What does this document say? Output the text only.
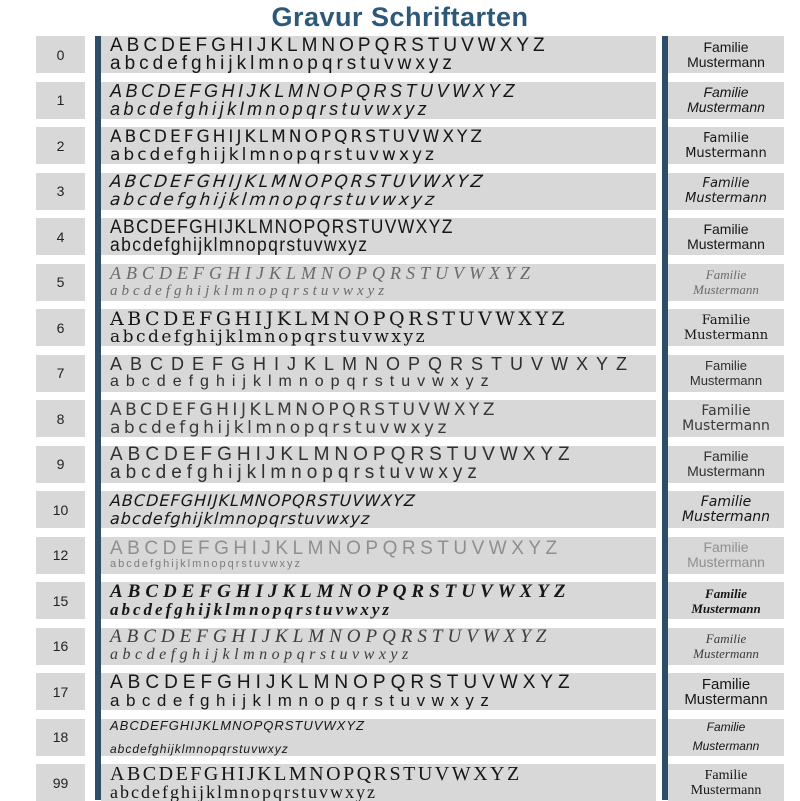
Gravur Schriftarten
0	ABCDEFGHIJKLMNOPQRSTUVWXYZ
abcdefghijklmnopqrstuvwxyz
Familie
Mustermann
1	ABCDEFGHIJKLMNOPQRSTUVWXYZ
abcdefghijklmnopqrstuvwxyz
Familie
Mustermann
2	ABCDEFGHIJKLMNOPQRSTUVWXYZ
abcdefghijklmnopqrstuvwxyz
Familie
Mustermann
3	ABCDEFGHIJKLMNOPQRSTUVWXYZ
abcdefghijklmnopqrstuvwxyz
Familie
Mustermann
4	ABCDEFGHIJKLMNOPQRSTUVWXYZ
abcdefghijklmnopqrstuvwxyz
Familie
Mustermann
5	ABCDEFGHIJKLMNOPQRSTUVWXYZ
abcdefghijklmnopqrstuvwxyz
Familie
Mustermann
6	ABCDEFGHIJKLMNOPQRSTUVWXYZ
abcdefghijklmnopqrstuvwxyz
Familie
Mustermann
7	ABCDEFGHIJKLMNOPQRSTUVWXYZ
abcdefghijklmnopqrstuvwxyz
Familie
Mustermann
8	ABCDEFGHIJKLMNOPQRSTUVWXYZ
abcdefghijklmnopqrstuvwxyz
Familie
Mustermann
9	ABCDEFGHIJKLMNOPQRSTUVWXYZ
abcdefghijklmnopqrstuvwxyz
Familie
Mustermann
10	ABCDEFGHIJKLMNOPQRSTUVWXYZ
abcdefghijklmnopqrstuvwxyz
Familie
Mustermann
12	ABCDEFGHIJKLMNOPQRSTUVWXYZ
abcdefghijklmnopqrstuvwxyz
Familie
Mustermann
15	ABCDEFGHIJKLMNOPQRSTUVWXYZ
abcdefghijklmnopqrstuvwxyz
Familie
Mustermann
16	ABCDEFGHIJKLMNOPQRSTUVWXYZ
abcdefghijklmnopqrstuvwxyz
Familie
Mustermann
17	ABCDEFGHIJKLMNOPQRSTUVWXYZ
abcdefghijklmnopqrstuvwxyz
Familie
Mustermann
18
ABCDEFGHIJKLMNOPQRSTUVWXYZ
abcdefghijklmnopqrstuvwxyz
Familie
Mustermann
99	ABCDEFGHIJKLMNOPQRSTUVWXYZ
abcdefghijklmnopqrstuvwxyz
Familie
Mustermann
